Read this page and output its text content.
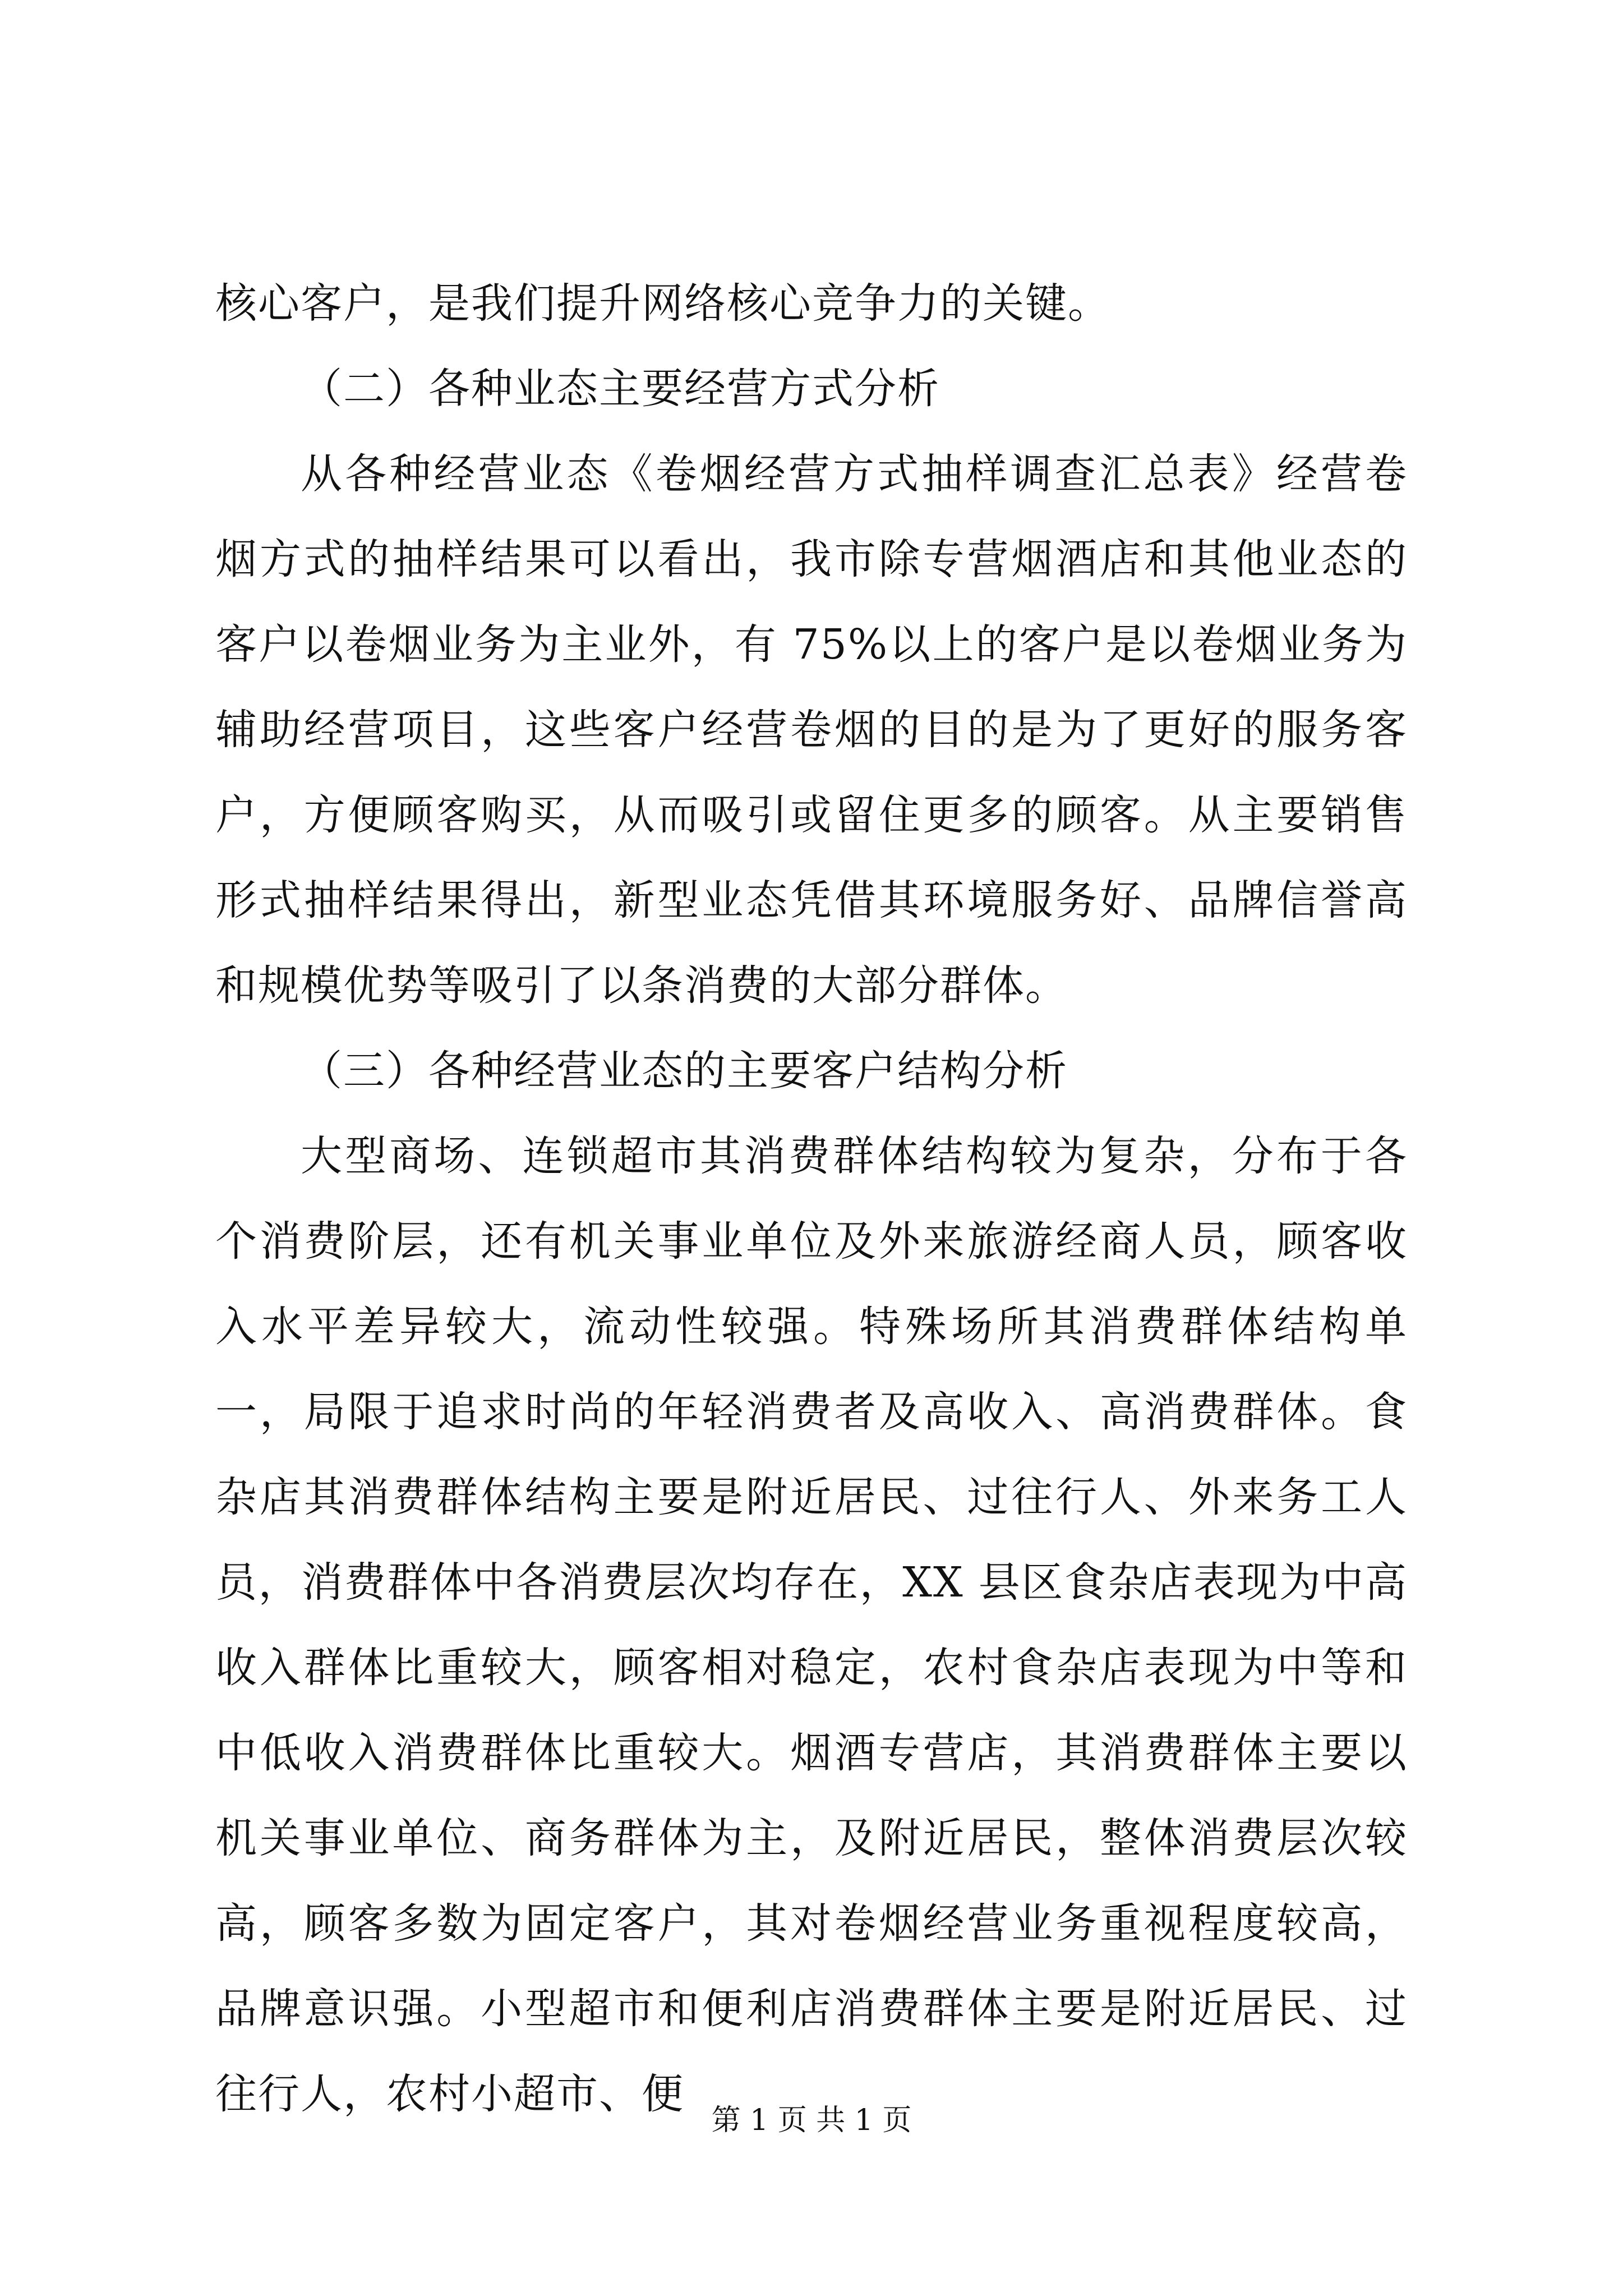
核心客户，是我们提升网络核心竞争力的关键。

（二）各种业态主要经营方式分析

从各种经营业态《卷烟经营方式抽样调查汇总表》经营卷烟方式的抽样结果可以看出，我市除专营烟酒店和其他业态的客户以卷烟业务为主业外，有 75%以上的客户是以卷烟业务为辅助经营项目，这些客户经营卷烟的目的是为了更好的服务客户，方便顾客购买，从而吸引或留住更多的顾客。从主要销售形式抽样结果得出，新型业态凭借其环境服务好、品牌信誉高和规模优势等吸引了以条消费的大部分群体。

（三）各种经营业态的主要客户结构分析

大型商场、连锁超市其消费群体结构较为复杂，分布于各个消费阶层，还有机关事业单位及外来旅游经商人员，顾客收入水平差异较大，流动性较强。特殊场所其消费群体结构单一，局限于追求时尚的年轻消费者及高收入、高消费群体。食杂店其消费群体结构主要是附近居民、过往行人、外来务工人员，消费群体中各消费层次均存在，XX 县区食杂店表现为中高收入群体比重较大，顾客相对稳定，农村食杂店表现为中等和中低收入消费群体比重较大。烟酒专营店，其消费群体主要以机关事业单位、商务群体为主，及附近居民，整体消费层次较高，顾客多数为固定客户，其对卷烟经营业务重视程度较高，品牌意识强。小型超市和便利店消费群体主要是附近居民、过往行人，农村小超市、便

第 1 页 共 1 页
